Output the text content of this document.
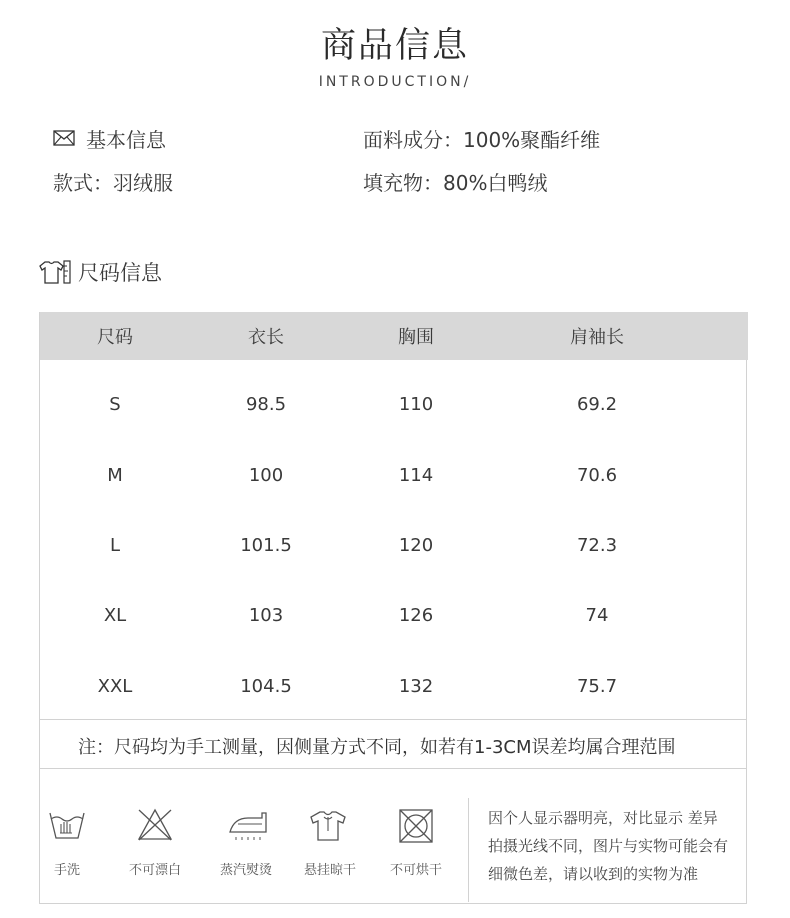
商品信息
INTRODUCTION/
基本信息
款式：羽绒服
面料成分：100%聚酯纤维
填充物：80%白鸭绒
尺码信息
尺码	衣长	胸围	肩袖长
S	98.5	110	69.2
M	100	114	70.6
L	101.5	120	72.3
XL	103	126	74
XXL	104.5	132	75.7
注：尺码均为手工测量，因侧量方式不同，如若有1-3CM误差均属合理范围
手洗	不可漂白	蒸汽熨烫	悬挂晾干	不可烘干
因个人显示器明亮，对比显示 差异
拍摄光线不同，图片与实物可能会有
细微色差，请以收到的实物为准
